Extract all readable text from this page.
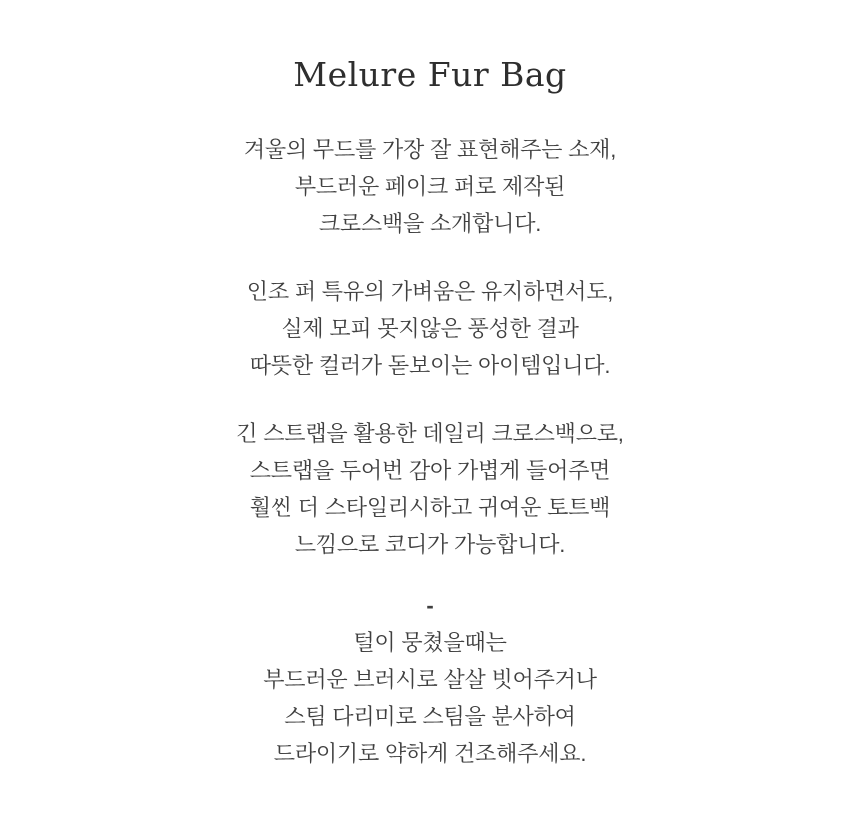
Melure Fur Bag

겨울의 무드를 가장 잘 표현해주는 소재,
부드러운 페이크 퍼로 제작된
크로스백을 소개합니다.

인조 퍼 특유의 가벼움은 유지하면서도,
실제 모피 못지않은 풍성한 결과
따뜻한 컬러가 돋보이는 아이템입니다.

긴 스트랩을 활용한 데일리 크로스백으로,
스트랩을 두어번 감아 가볍게 들어주면
훨씬 더 스타일리시하고 귀여운 토트백
느낌으로 코디가 가능합니다.

-
털이 뭉쳤을때는
부드러운 브러시로 살살 빗어주거나
스팀 다리미로 스팀을 분사하여
드라이기로 약하게 건조해주세요.
